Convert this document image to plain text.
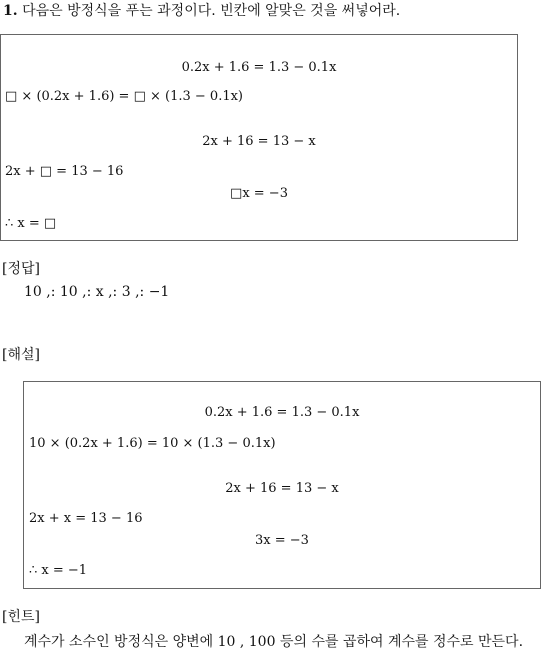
1. 다음은 방정식을 푸는 과정이다. 빈칸에 알맞은 것을 써넣어라.
0.2x + 1.6 = 1.3 − 0.1x
□ × (0.2x + 1.6) = □ × (1.3 − 0.1x)
2x + 16 = 13 − x
2x + □ = 13 − 16
□x = −3
∴ x = □
[정답]
10 ,: 10 ,: x ,: 3 ,: −1
[해설]
0.2x + 1.6 = 1.3 − 0.1x
10 × (0.2x + 1.6) = 10 × (1.3 − 0.1x)
2x + 16 = 13 − x
2x + x = 13 − 16
3x = −3
∴ x = −1
[힌트]
계수가 소수인 방정식은 양변에 10 , 100 등의 수를 곱하여 계수를 정수로 만든다.
